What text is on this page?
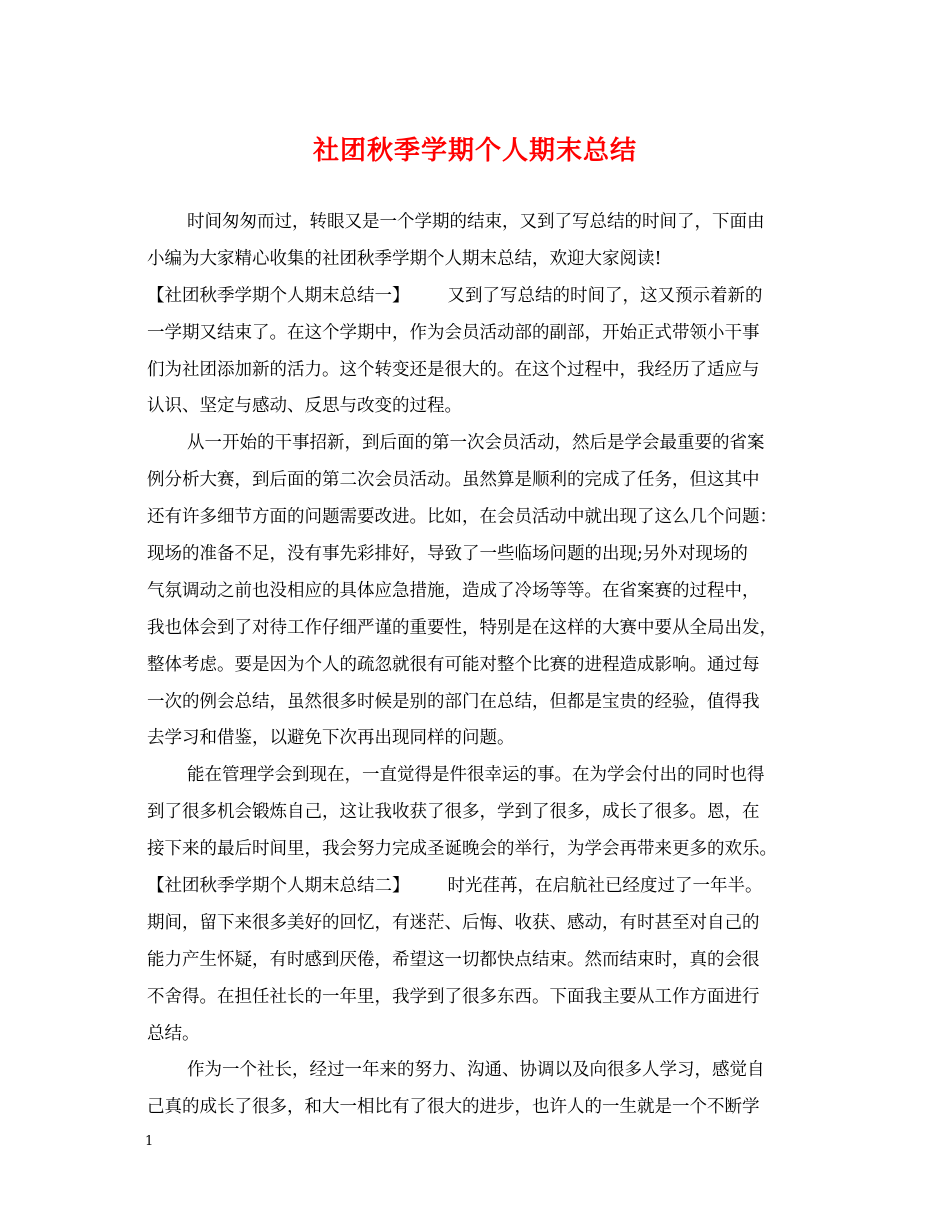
社团秋季学期个人期末总结
时间匆匆而过，转眼又是一个学期的结束，又到了写总结的时间了，下面由
小编为大家精心收集的社团秋季学期个人期末总结，欢迎大家阅读!
【社团秋季学期个人期末总结一】 又到了写总结的时间了，这又预示着新的
一学期又结束了。在这个学期中，作为会员活动部的副部，开始正式带领小干事
们为社团添加新的活力。这个转变还是很大的。在这个过程中，我经历了适应与
认识、坚定与感动、反思与改变的过程。
从一开始的干事招新，到后面的第一次会员活动，然后是学会最重要的省案
例分析大赛，到后面的第二次会员活动。虽然算是顺利的完成了任务，但这其中
还有许多细节方面的问题需要改进。比如，在会员活动中就出现了这么几个问题：
现场的准备不足，没有事先彩排好，导致了一些临场问题的出现;另外对现场的
气氛调动之前也没相应的具体应急措施，造成了冷场等等。在省案赛的过程中，
我也体会到了对待工作仔细严谨的重要性，特别是在这样的大赛中要从全局出发，
整体考虑。要是因为个人的疏忽就很有可能对整个比赛的进程造成影响。通过每
一次的例会总结，虽然很多时候是别的部门在总结，但都是宝贵的经验，值得我
去学习和借鉴，以避免下次再出现同样的问题。
能在管理学会到现在，一直觉得是件很幸运的事。在为学会付出的同时也得
到了很多机会锻炼自己，这让我收获了很多，学到了很多，成长了很多。恩，在
接下来的最后时间里，我会努力完成圣诞晚会的举行，为学会再带来更多的欢乐。
【社团秋季学期个人期末总结二】 时光荏苒，在启航社已经度过了一年半。
期间，留下来很多美好的回忆，有迷茫、后悔、收获、感动，有时甚至对自己的
能力产生怀疑，有时感到厌倦，希望这一切都快点结束。然而结束时，真的会很
不舍得。在担任社长的一年里，我学到了很多东西。下面我主要从工作方面进行
总结。
作为一个社长，经过一年来的努力、沟通、协调以及向很多人学习，感觉自
己真的成长了很多，和大一相比有了很大的进步，也许人的一生就是一个不断学
1
